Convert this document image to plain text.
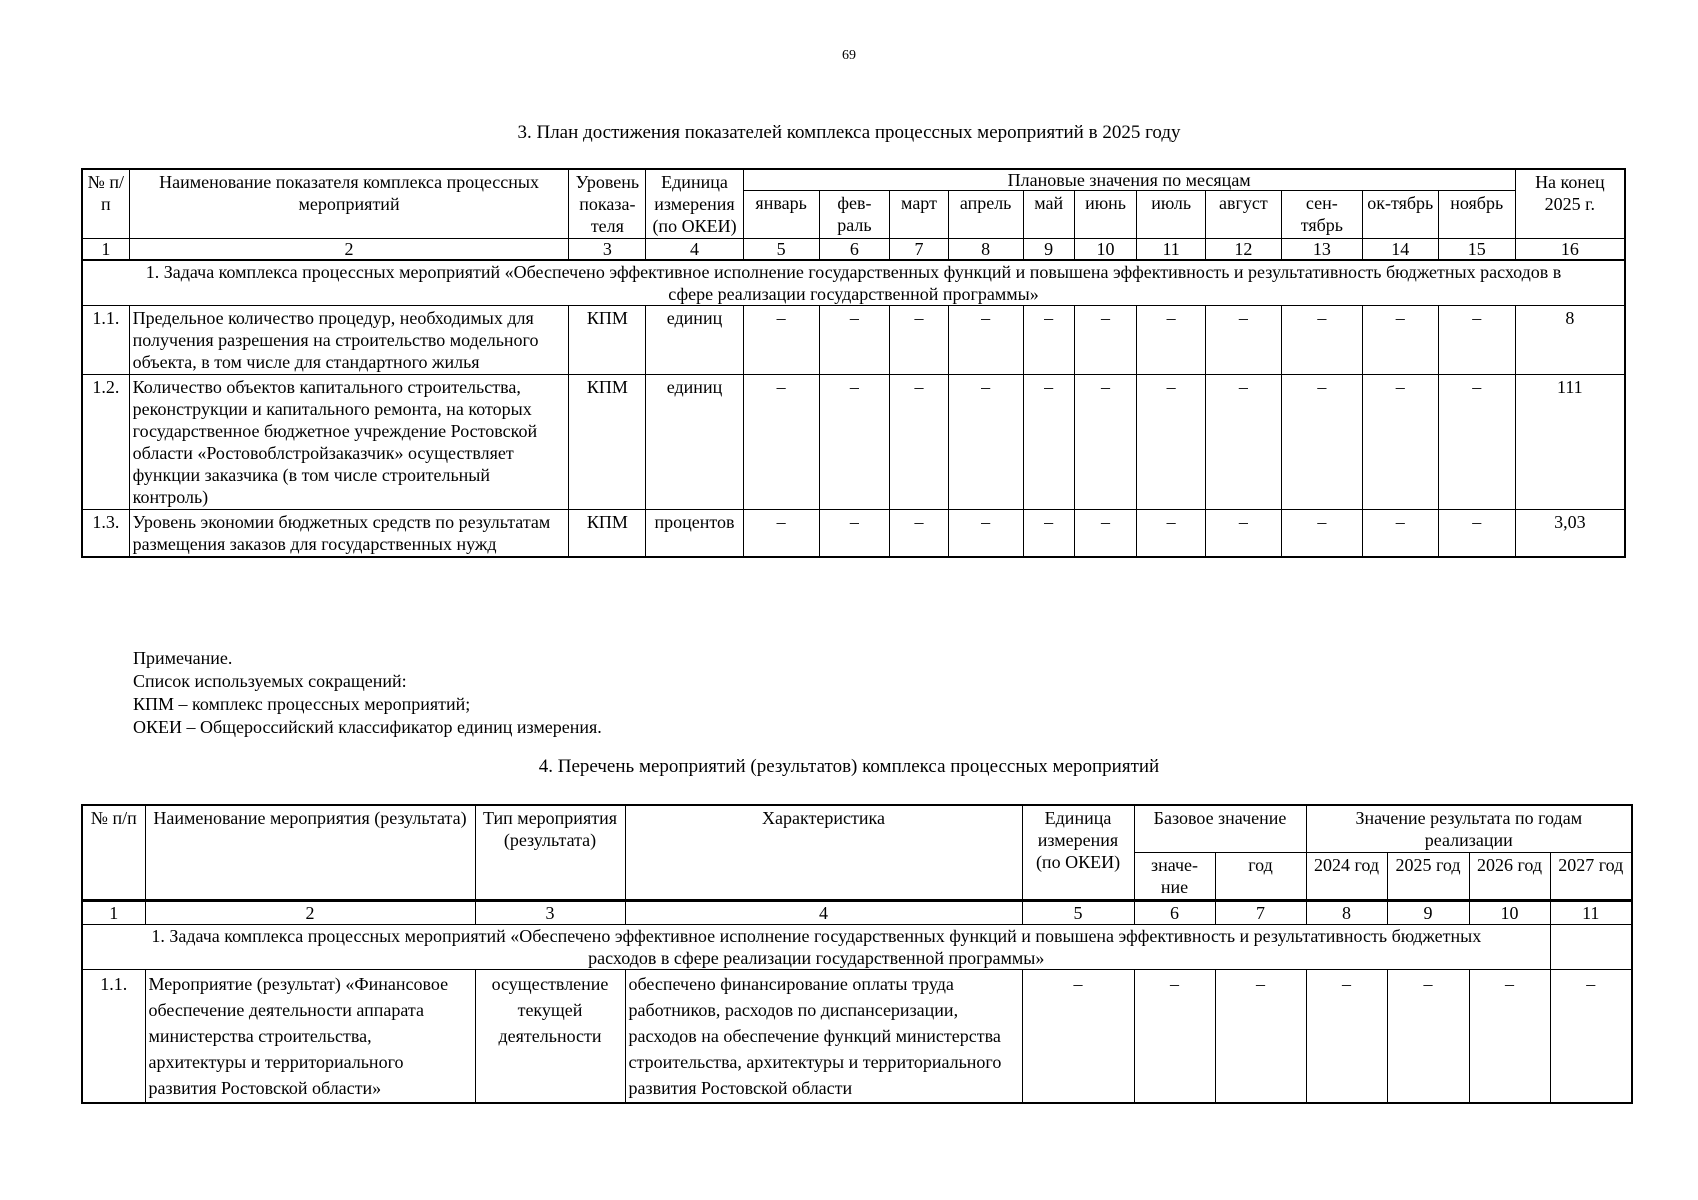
69
3. План достижения показателей комплекса процессных мероприятий в 2025 году
№ п/п	Наименование показателя комплекса процессных мероприятий	Уровень показа-теля	Единица измерения (по ОКЕИ)	Плановые значения по месяцам											На конец 2025 г.
				январь	фев-раль	март	апрель	май	июнь	июль	август	сен-тябрь	ок-тябрь	ноябрь	
1	2	3	4	5	6	7	8	9	10	11	12	13	14	15	16
1. Задача комплекса процессных мероприятий «Обеспечено эффективное исполнение государственных функций и повышена эффективность и результативность бюджетных расходов в сфере реализации государственной программы»															
1.1.	Предельное количество процедур, необходимых для получения разрешения на строительство модельного объекта, в том числе для стандартного жилья	КПМ	единиц	–	–	–	–	–	–	–	–	–	–	–	8
1.2.	Количество объектов капитального строительства, реконструкции и капитального ремонта, на которых государственное бюджетное учреждение Ростовской области «Ростовоблстройзаказчик» осуществляет функции заказчика (в том числе строительный контроль)	КПМ	единиц	–	–	–	–	–	–	–	–	–	–	–	111
1.3.	Уровень экономии бюджетных средств по результатам размещения заказов для государственных нужд	КПМ	процентов	–	–	–	–	–	–	–	–	–	–	–	3,03
Примечание.
Список используемых сокращений:
КПМ – комплекс процессных мероприятий;
ОКЕИ – Общероссийский классификатор единиц измерения.
4. Перечень мероприятий (результатов) комплекса процессных мероприятий
№ п/п	Наименование мероприятия (результата)	Тип мероприятия (результата)	Характеристика	Единица измерения (по ОКЕИ)	Базовое значение		Значение результата по годам реализации			

					значе-ние	год	2024 год	2025 год	2026 год	2027 год
1	2	3	4	5	6	7	8	9	10	11
1. Задача комплекса процессных мероприятий «Обеспечено эффективное исполнение государственных функций и повышена эффективность и результативность бюджетных расходов в сфере реализации государственной программы»										
1.1.	Мероприятие (результат) «Финансовое обеспечение деятельности аппарата министерства строительства, архитектуры и территориального развития Ростовской области»	осуществление текущей деятельности	обеспечено финансирование оплаты труда работников, расходов по диспансеризации, расходов на обеспечение функций министерства строительства, архитектуры и территориального развития Ростовской области	–	–	–	–	–	–	–
